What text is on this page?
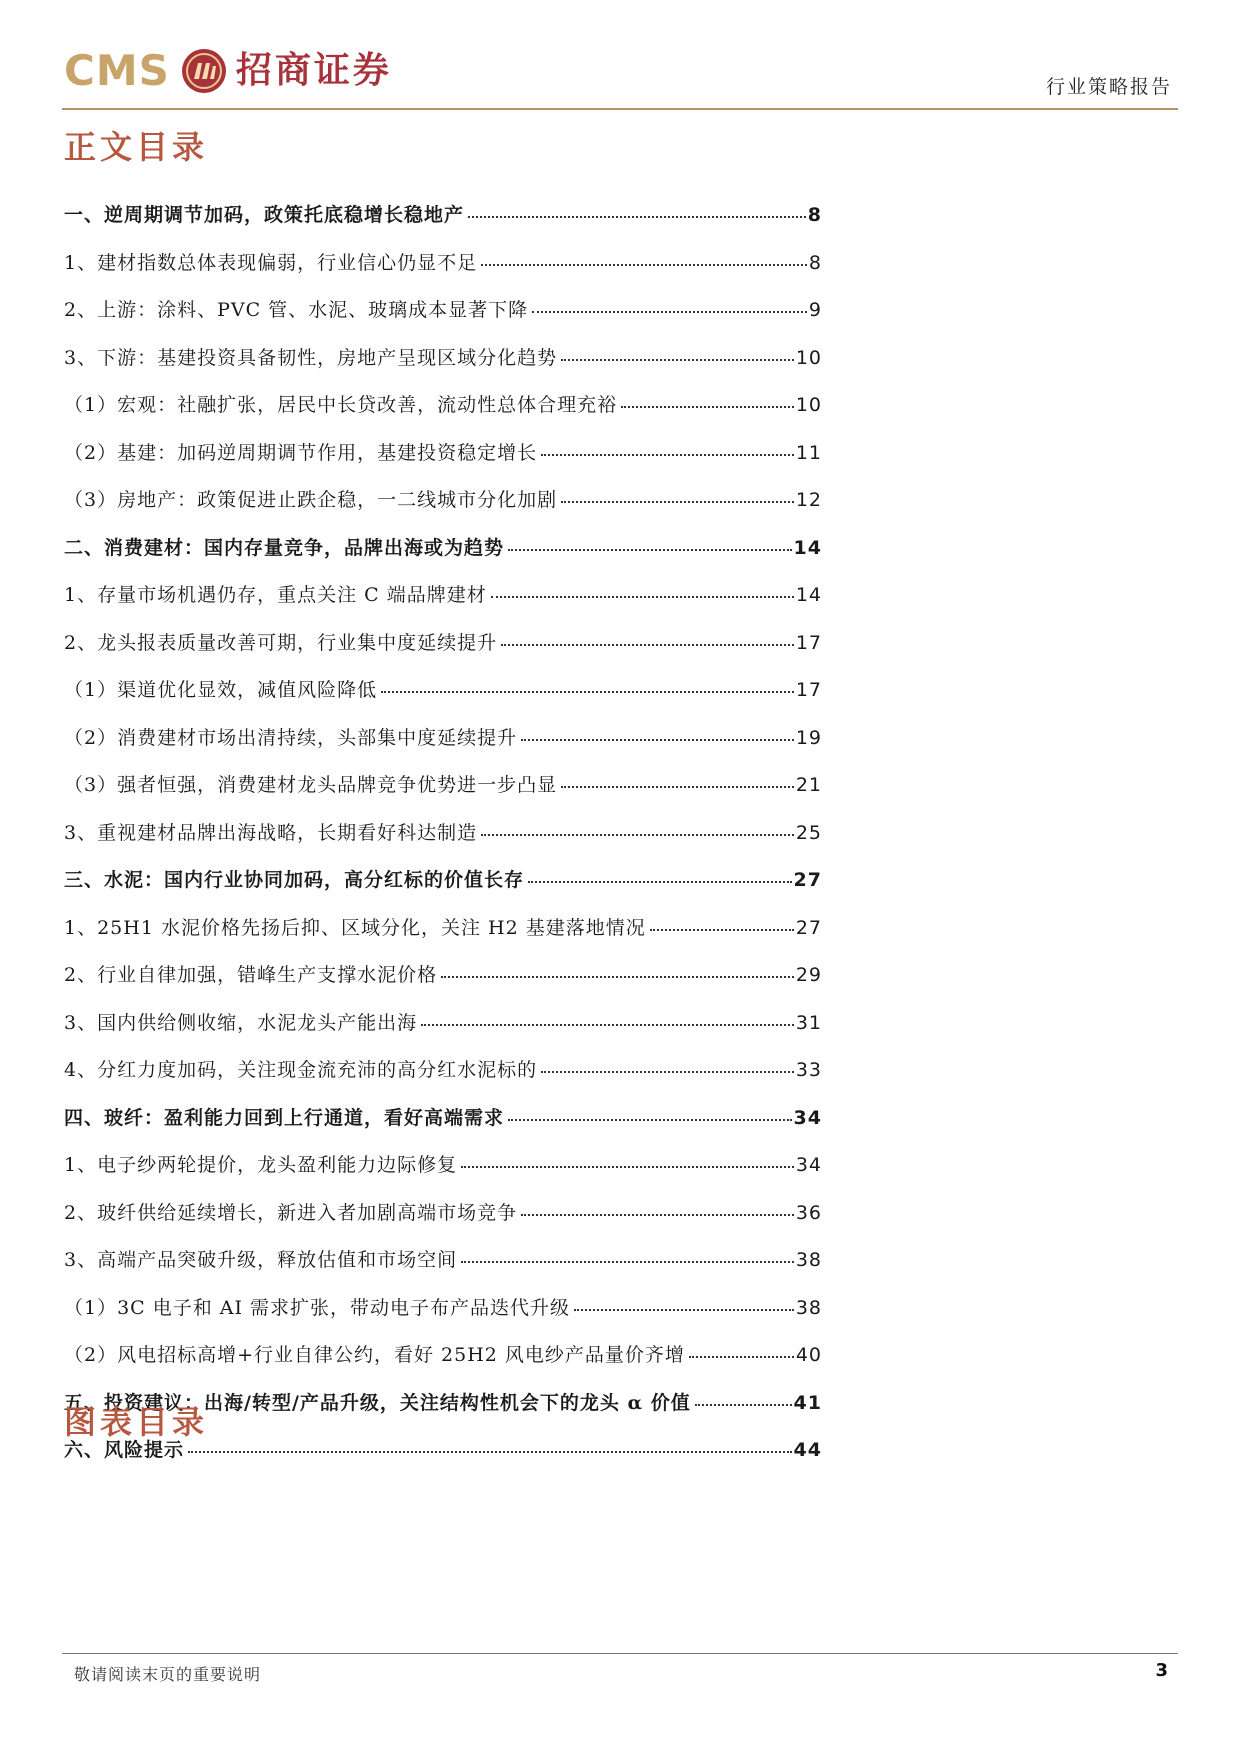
CMS 招商证券	行业策略报告
正文目录
一、逆周期调节加码，政策托底稳增长稳地产	8
1、建材指数总体表现偏弱，行业信心仍显不足	8
2、上游：涂料、PVC 管、水泥、玻璃成本显著下降	9
3、下游：基建投资具备韧性，房地产呈现区域分化趋势	10
（1）宏观：社融扩张，居民中长贷改善，流动性总体合理充裕	10
（2）基建：加码逆周期调节作用，基建投资稳定增长	11
（3）房地产：政策促进止跌企稳，一二线城市分化加剧	12
二、消费建材：国内存量竞争，品牌出海或为趋势	14
1、存量市场机遇仍存，重点关注 C 端品牌建材	14
2、龙头报表质量改善可期，行业集中度延续提升	17
（1）渠道优化显效，减值风险降低	17
（2）消费建材市场出清持续，头部集中度延续提升	19
（3）强者恒强，消费建材龙头品牌竞争优势进一步凸显	21
3、重视建材品牌出海战略，长期看好科达制造	25
三、水泥：国内行业协同加码，高分红标的价值长存	27
1、25H1 水泥价格先扬后抑、区域分化，关注 H2 基建落地情况	27
2、行业自律加强，错峰生产支撑水泥价格	29
3、国内供给侧收缩，水泥龙头产能出海	31
4、分红力度加码，关注现金流充沛的高分红水泥标的	33
四、玻纤：盈利能力回到上行通道，看好高端需求	34
1、电子纱两轮提价，龙头盈利能力边际修复	34
2、玻纤供给延续增长，新进入者加剧高端市场竞争	36
3、高端产品突破升级，释放估值和市场空间	38
（1）3C 电子和 AI 需求扩张，带动电子布产品迭代升级	38
（2）风电招标高增+行业自律公约，看好 25H2 风电纱产品量价齐增	40
五、投资建议：出海/转型/产品升级，关注结构性机会下的龙头 α 价值	41
六、风险提示	44
图表目录
敬请阅读末页的重要说明	3
